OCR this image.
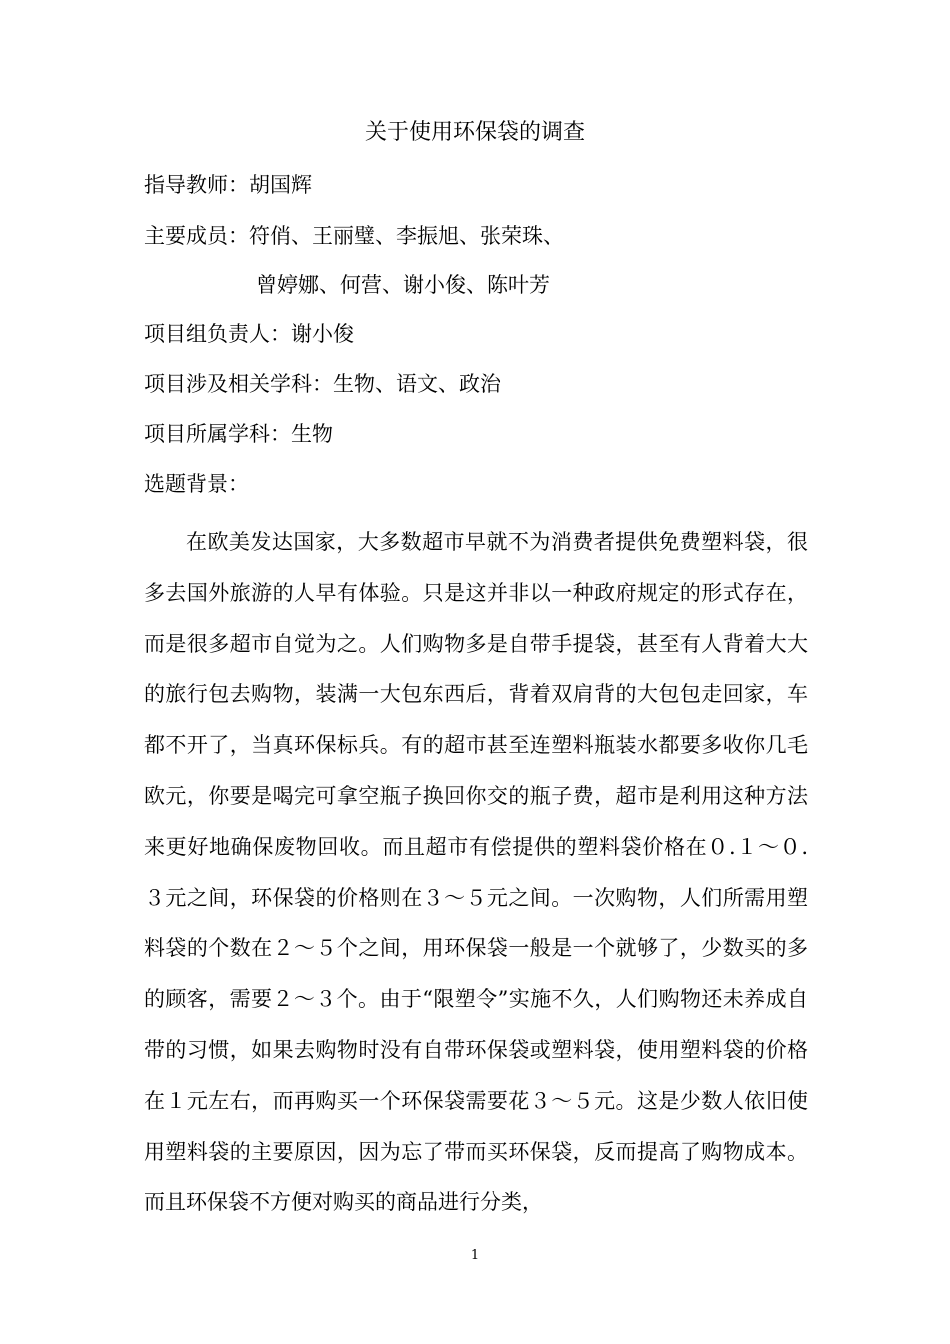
关于使用环保袋的调查
指导教师：胡国辉
主要成员：符俏、王丽璧、李振旭、张荣珠、
曾婷娜、何营、谢小俊、陈叶芳
项目组负责人：谢小俊
项目涉及相关学科：生物、语文、政治
项目所属学科：生物
选题背景：

在欧美发达国家，大多数超市早就不为消费者提供免费塑料袋，很多去国外旅游的人早有体验。只是这并非以一种政府规定的形式存在，而是很多超市自觉为之。人们购物多是自带手提袋，甚至有人背着大大的旅行包去购物，装满一大包东西后，背着双肩背的大包包走回家，车都不开了，当真环保标兵。有的超市甚至连塑料瓶装水都要多收你几毛欧元，你要是喝完可拿空瓶子换回你交的瓶子费，超市是利用这种方法来更好地确保废物回收。而且超市有偿提供的塑料袋价格在０.１～０.３元之间，环保袋的价格则在３～５元之间。一次购物，人们所需用塑料袋的个数在２～５个之间，用环保袋一般是一个就够了，少数买的多的顾客，需要２～３个。由于“限塑令”实施不久，人们购物还未养成自带的习惯，如果去购物时没有自带环保袋或塑料袋，使用塑料袋的价格在１元左右，而再购买一个环保袋需要花３～５元。这是少数人依旧使用塑料袋的主要原因，因为忘了带而买环保袋，反而提高了购物成本。而且环保袋不方便对购买的商品进行分类，

1
